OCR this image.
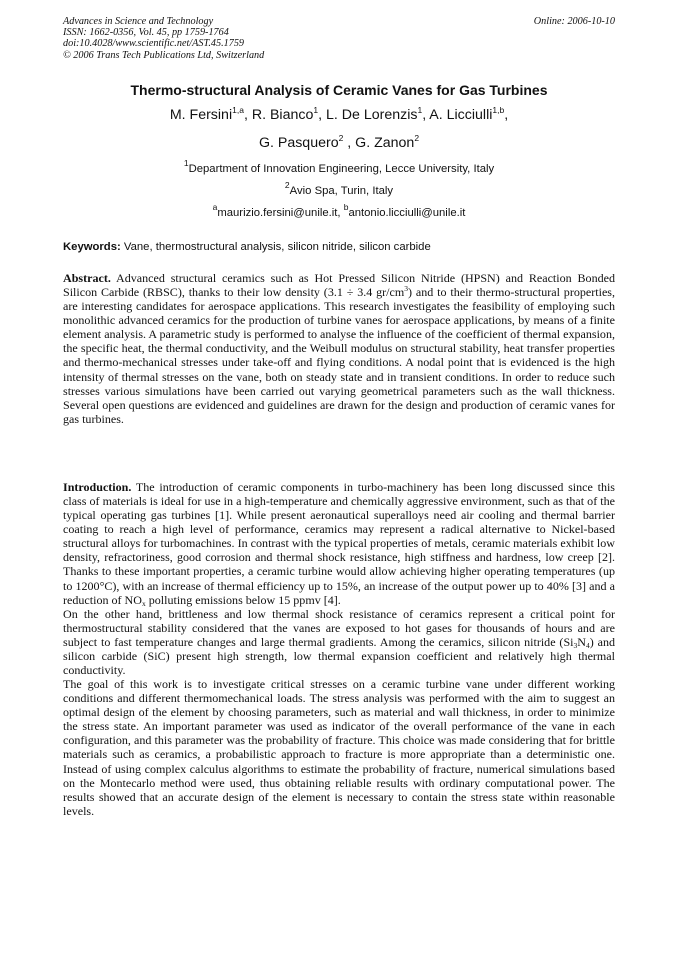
Advances in Science and Technology
ISSN: 1662-0356, Vol. 45, pp 1759-1764
doi:10.4028/www.scientific.net/AST.45.1759
© 2006 Trans Tech Publications Ltd, Switzerland
Online: 2006-10-10
Thermo-structural Analysis of Ceramic Vanes for Gas Turbines
M. Fersini$^{1,a}$, R. Bianco$^1$, L. De Lorenzis$^1$, A. Licciulli$^{1,b}$,
G. Pasquero$^2$ , G. Zanon$^2$
$^1$Department of Innovation Engineering, Lecce University, Italy
$^2$Avio Spa, Turin, Italy
$^a$maurizio.fersini@unile.it, $^b$antonio.licciulli@unile.it
Keywords: Vane, thermostructural analysis, silicon nitride, silicon carbide
Abstract. Advanced structural ceramics such as Hot Pressed Silicon Nitride (HPSN) and Reaction Bonded Silicon Carbide (RBSC), thanks to their low density (3.1 ÷ 3.4 $gr/cm^3$) and to their thermo-structural properties, are interesting candidates for aerospace applications. This research investigates the feasibility of employing such monolithic advanced ceramics for the production of turbine vanes for aerospace applications, by means of a finite element analysis. A parametric study is performed to analyse the influence of the coefficient of thermal expansion, the specific heat, the thermal conductivity, and the Weibull modulus on structural stability, heat transfer properties and thermo-mechanical stresses under take-off and flying conditions. A nodal point that is evidenced is the high intensity of thermal stresses on the vane, both on steady state and in transient conditions. In order to reduce such stresses various simulations have been carried out varying geometrical parameters such as the wall thickness. Several open questions are evidenced and guidelines are drawn for the design and production of ceramic vanes for gas turbines.

Introduction. The introduction of ceramic components in turbo-machinery has been long discussed since this class of materials is ideal for use in a high-temperature and chemically aggressive environment, such as that of the typical operating gas turbines [1]. While present aeronautical superalloys need air cooling and thermal barrier coating to reach a high level of performance, ceramics may represent a radical alternative to Nickel-based structural alloys for turbomachines. In contrast with the typical properties of metals, ceramic materials exhibit low density, refractoriness, good corrosion and thermal shock resistance, high stiffness and hardness, low creep [2]. Thanks to these important properties, a ceramic turbine would allow achieving higher operating temperatures (up to 1200°C), with an increase of thermal efficiency up to 15%, an increase of the output power up to 40% [3] and a reduction of $NO_x$ polluting emissions below 15 ppmv [4].

On the other hand, brittleness and low thermal shock resistance of ceramics represent a critical point for thermostructural stability considered that the vanes are exposed to hot gases for thousands of hours and are subject to fast temperature changes and large thermal gradients. Among the ceramics, silicon nitride $(Si_3N_4)$ and silicon carbide (SiC) present high strength, low thermal expansion coefficient and relatively high thermal conductivity.

The goal of this work is to investigate critical stresses on a ceramic turbine vane under different working conditions and different thermomechanical loads. The stress analysis was performed with the aim to suggest an optimal design of the element by choosing parameters, such as material and wall thickness, in order to minimize the stress state. An important parameter was used as indicator of the overall performance of the vane in each configuration, and this parameter was the probability of fracture. This choice was made considering that for brittle materials such as ceramics, a probabilistic approach to fracture is more appropriate than a deterministic one. Instead of using complex calculus algorithms to estimate the probability of fracture, numerical simulations based on the Montecarlo method were used, thus obtaining reliable results with ordinary computational power. The results showed that an accurate design of the element is necessary to contain the stress state within reasonable levels.
